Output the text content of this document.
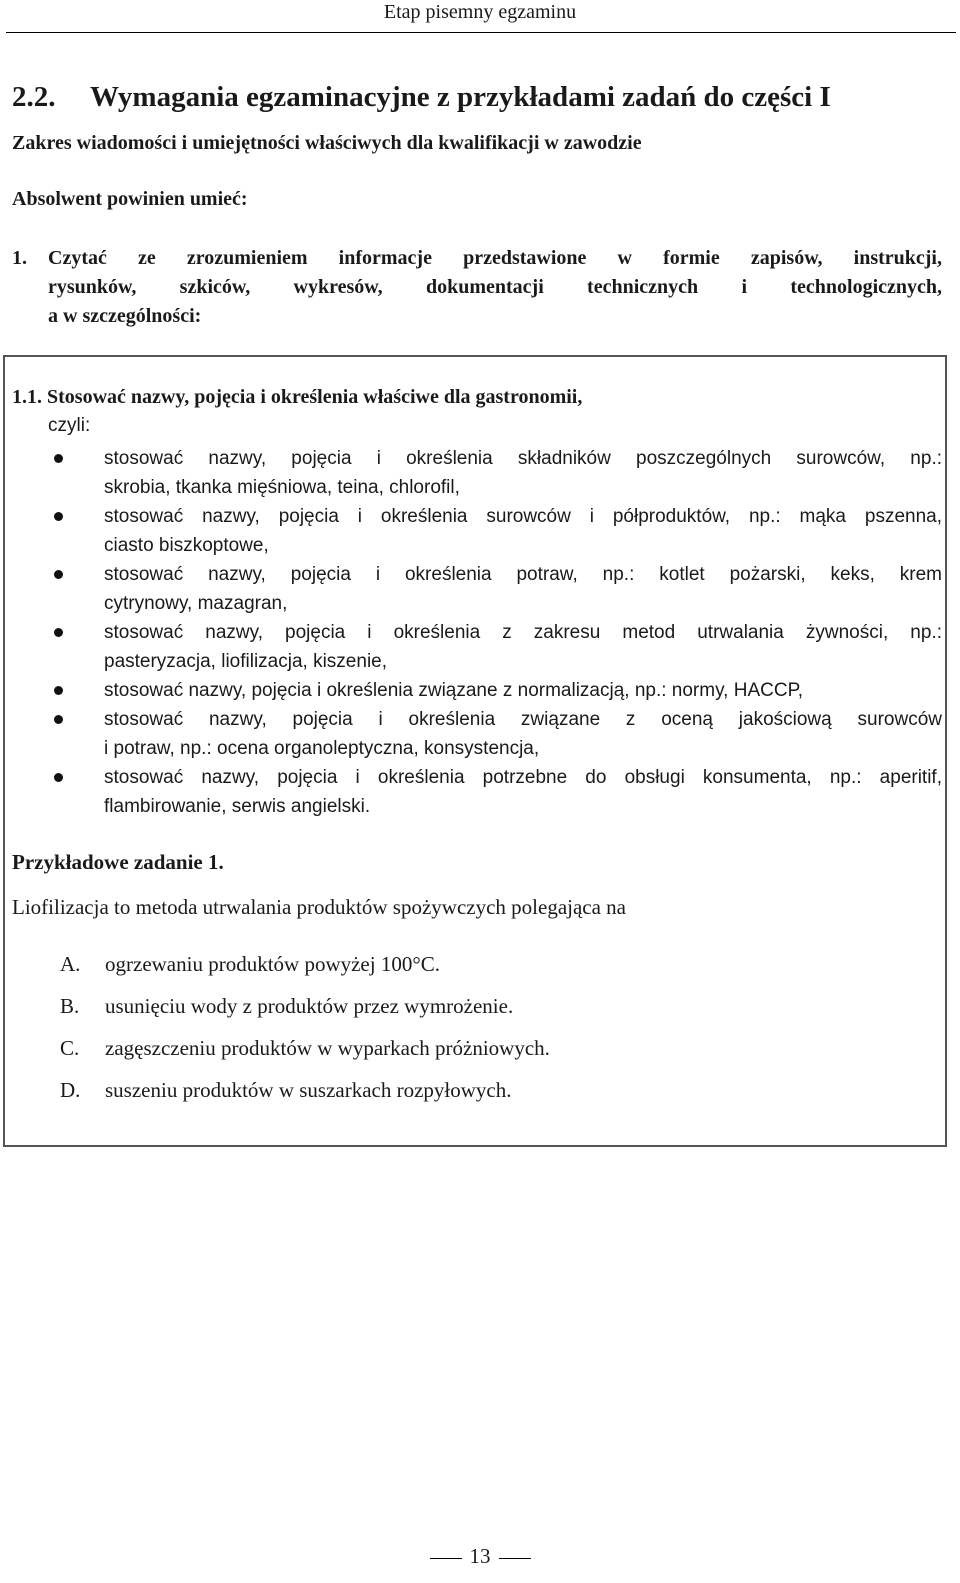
Etap pisemny egzaminu
2.2. Wymagania egzaminacyjne z przykładami zadań do części I
Zakres wiadomości i umiejętności właściwych dla kwalifikacji w zawodzie
Absolwent powinien umieć:
1. Czytać ze zrozumieniem informacje przedstawione w formie zapisów, instrukcji,
rysunków, szkiców, wykresów, dokumentacji technicznych i technologicznych,
a w szczególności:
1.1. Stosować nazwy, pojęcia i określenia właściwe dla gastronomii,
czyli:
stosować nazwy, pojęcia i określenia składników poszczególnych surowców, np.:
skrobia, tkanka mięśniowa, teina, chlorofil,
stosować nazwy, pojęcia i określenia surowców i półproduktów, np.: mąka pszenna,
ciasto biszkoptowe,
stosować nazwy, pojęcia i określenia potraw, np.: kotlet pożarski, keks, krem
cytrynowy, mazagran,
stosować nazwy, pojęcia i określenia z zakresu metod utrwalania żywności, np.:
pasteryzacja, liofilizacja, kiszenie,
stosować nazwy, pojęcia i określenia związane z normalizacją, np.: normy, HACCP,
stosować nazwy, pojęcia i określenia związane z oceną jakościową surowców
i potraw, np.: ocena organoleptyczna, konsystencja,
stosować nazwy, pojęcia i określenia potrzebne do obsługi konsumenta, np.: aperitif,
flambirowanie, serwis angielski.
Przykładowe zadanie 1.
Liofilizacja to metoda utrwalania produktów spożywczych polegająca na
A. ogrzewaniu produktów powyżej 100°C.
B. usunięciu wody z produktów przez wymrożenie.
C. zagęszczeniu produktów w wyparkach próżniowych.
D. suszeniu produktów w suszarkach rozpyłowych.
13
